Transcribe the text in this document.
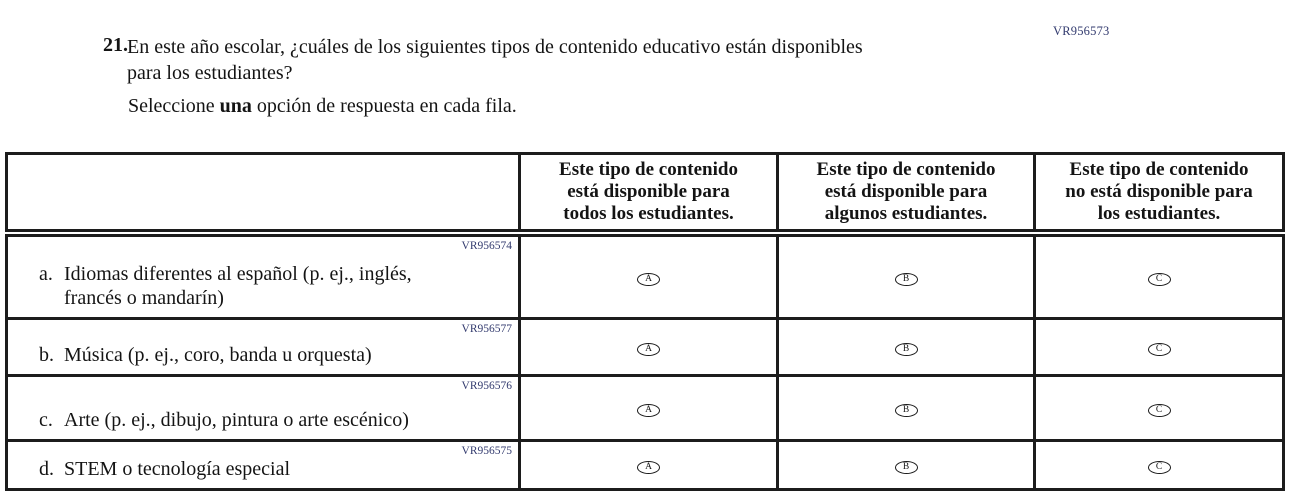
VR956573
21. En este año escolar, ¿cuáles de los siguientes tipos de contenido educativo están disponibles para los estudiantes?
Seleccione una opción de respuesta en cada fila.

	Este tipo de contenido
está disponible para
todos los estudiantes.	Este tipo de contenido
está disponible para
algunos estudiantes.	Este tipo de contenido
no está disponible para
los estudiantes.

VR956574
a. Idiomas diferentes al español (p. ej., inglés,
francés o mandarín)	A	B	C

VR956577
b. Música (p. ej., coro, banda u orquesta)	A	B	C

VR956576
c. Arte (p. ej., dibujo, pintura o arte escénico)	A	B	C

VR956575
d. STEM o tecnología especial	A	B	C
